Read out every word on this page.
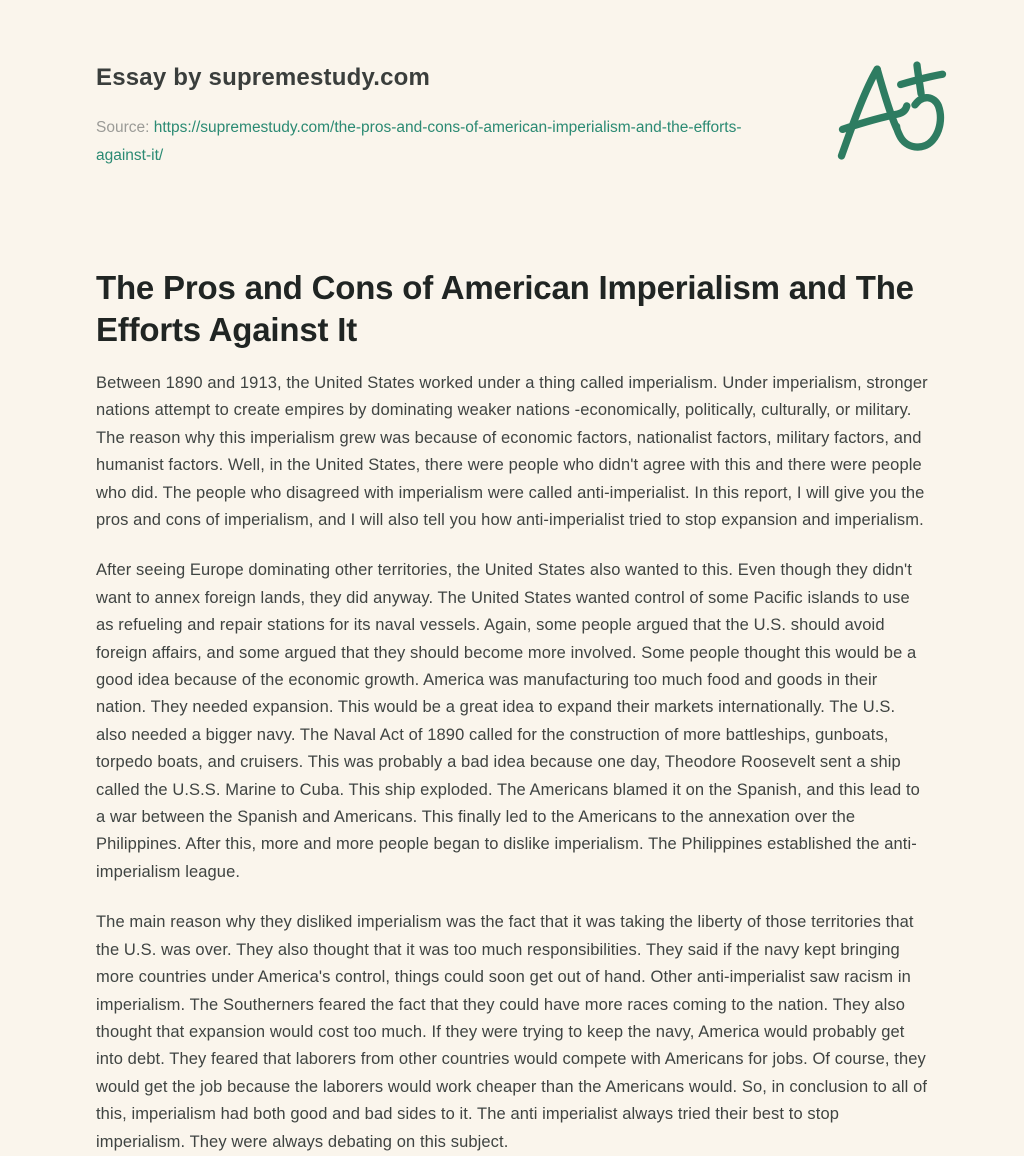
Essay by supremestudy.com
Source: https://supremestudy.com/the-pros-and-cons-of-american-imperialism-and-the-efforts-against-it/
The Pros and Cons of American Imperialism and The Efforts Against It

Between 1890 and 1913, the United States worked under a thing called imperialism. Under imperialism, stronger nations attempt to create empires by dominating weaker nations -economically, politically, culturally, or military. The reason why this imperialism grew was because of economic factors, nationalist factors, military factors, and humanist factors. Well, in the United States, there were people who didn't agree with this and there were people who did. The people who disagreed with imperialism were called anti-imperialist. In this report, I will give you the pros and cons of imperialism, and I will also tell you how anti-imperialist tried to stop expansion and imperialism.

After seeing Europe dominating other territories, the United States also wanted to this. Even though they didn't want to annex foreign lands, they did anyway. The United States wanted control of some Pacific islands to use as refueling and repair stations for its naval vessels. Again, some people argued that the U.S. should avoid foreign affairs, and some argued that they should become more involved. Some people thought this would be a good idea because of the economic growth. America was manufacturing too much food and goods in their nation. They needed expansion. This would be a great idea to expand their markets internationally. The U.S. also needed a bigger navy. The Naval Act of 1890 called for the construction of more battleships, gunboats, torpedo boats, and cruisers. This was probably a bad idea because one day, Theodore Roosevelt sent a ship called the U.S.S. Marine to Cuba. This ship exploded. The Americans blamed it on the Spanish, and this lead to a war between the Spanish and Americans. This finally led to the Americans to the annexation over the Philippines. After this, more and more people began to dislike imperialism. The Philippines established the anti-imperialism league.

The main reason why they disliked imperialism was the fact that it was taking the liberty of those territories that the U.S. was over. They also thought that it was too much responsibilities. They said if the navy kept bringing more countries under America's control, things could soon get out of hand. Other anti-imperialist saw racism in imperialism. The Southerners feared the fact that they could have more races coming to the nation. They also thought that expansion would cost too much. If they were trying to keep the navy, America would probably get into debt. They feared that laborers from other countries would compete with Americans for jobs. Of course, they would get the job because the laborers would work cheaper than the Americans would. So, in conclusion to all of this, imperialism had both good and bad sides to it. The anti imperialist always tried their best to stop imperialism. They were always debating on this subject.
